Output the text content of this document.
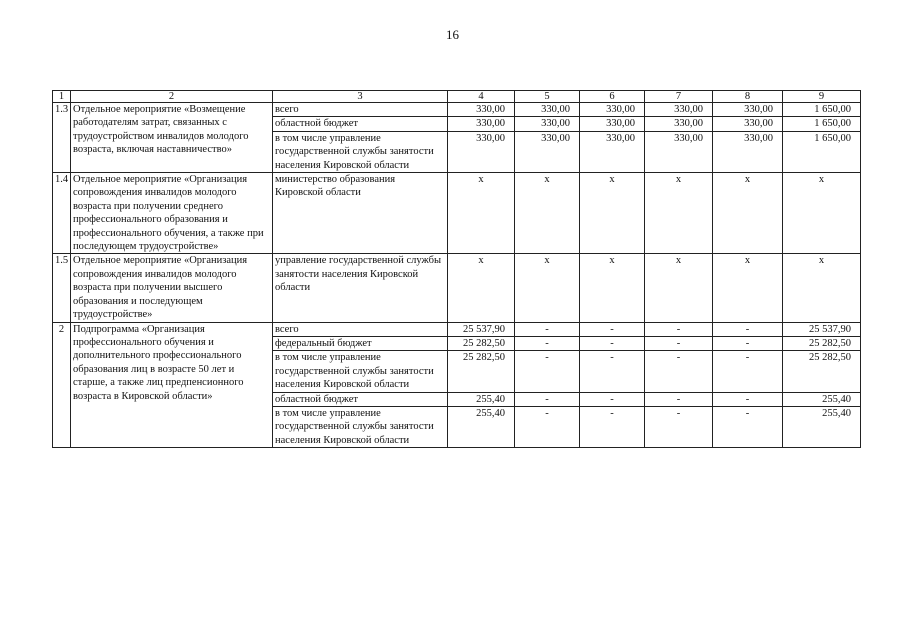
16
1	2	3	4	5	6	7	8	9
1.3	Отдельное мероприятие «Возмещение работодателям затрат, связанных с трудоустройством инвалидов молодого возраста, включая наставничество»	всего	330,00	330,00	330,00	330,00	330,00	1 650,00
		областной бюджет	330,00	330,00	330,00	330,00	330,00	1 650,00
		в том числе управление государственной службы занятости населения Кировской области	330,00	330,00	330,00	330,00	330,00	1 650,00
1.4	Отдельное мероприятие «Организация сопровождения инвалидов молодого возраста при получении среднего профессионального образования и профессионального обучения, а также при последующем трудоустройстве»	министерство образования Кировской области	х	х	х	х	х	х
1.5	Отдельное мероприятие «Организация сопровождения инвалидов молодого возраста при получении высшего образования и последующем трудоустройстве»	управление государственной службы занятости населения Кировской области	х	х	х	х	х	х
2	Подпрограмма «Организация профессионального обучения и дополнительного профессионального образования лиц в возрасте 50 лет и старше, а также лиц предпенсионного возраста в Кировской области»	всего	25 537,90	-	-	-	-	25 537,90
		федеральный бюджет	25 282,50	-	-	-	-	25 282,50
		в том числе управление государственной службы занятости населения Кировской области	25 282,50	-	-	-	-	25 282,50
		областной бюджет	255,40	-	-	-	-	255,40
		в том числе управление государственной службы занятости населения Кировской области	255,40	-	-	-	-	255,40
